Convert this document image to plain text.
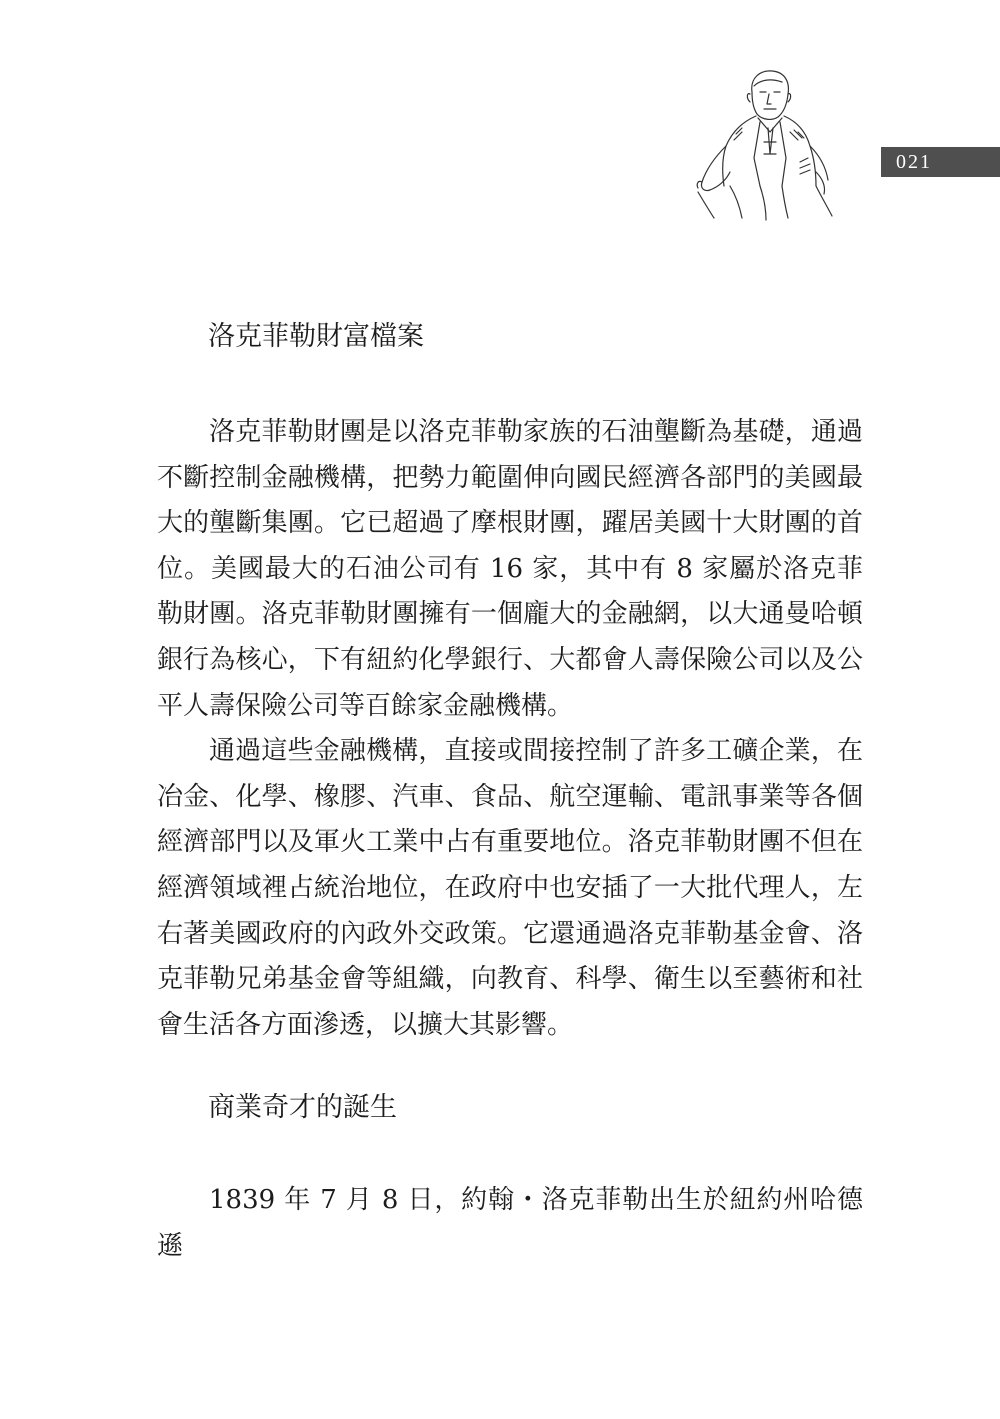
021
洛克菲勒財富檔案

洛克菲勒財團是以洛克菲勒家族的石油壟斷為基礎，通過不斷控制金融機構，把勢力範圍伸向國民經濟各部門的美國最大的壟斷集團。它已超過了摩根財團，躍居美國十大財團的首位。美國最大的石油公司有 16 家，其中有 8 家屬於洛克菲勒財團。洛克菲勒財團擁有一個龐大的金融網，以大通曼哈頓銀行為核心，下有紐約化學銀行、大都會人壽保險公司以及公平人壽保險公司等百餘家金融機構。

通過這些金融機構，直接或間接控制了許多工礦企業，在冶金、化學、橡膠、汽車、食品、航空運輸、電訊事業等各個經濟部門以及軍火工業中占有重要地位。洛克菲勒財團不但在經濟領域裡占統治地位，在政府中也安插了一大批代理人，左右著美國政府的內政外交政策。它還通過洛克菲勒基金會、洛克菲勒兄弟基金會等組織，向教育、科學、衛生以至藝術和社會生活各方面滲透，以擴大其影響。

商業奇才的誕生

1839 年 7 月 8 日，約翰・洛克菲勒出生於紐約州哈德遜
